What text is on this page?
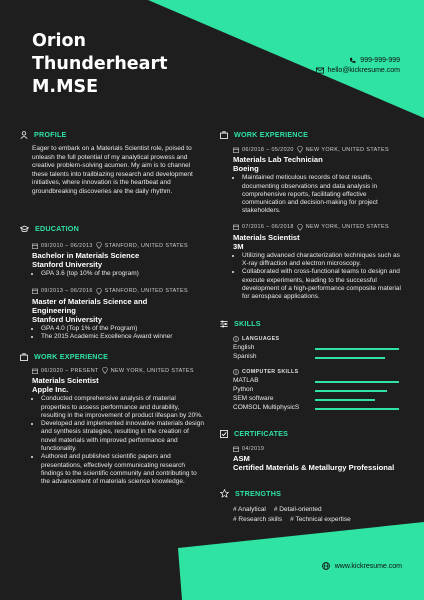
Orion
Thunderheart
M.MSE
999-999-999
hello@kickresume.com
PROFILE
Eager to embark on a Materials Scientist role, poised to unleash the full potential of my analytical prowess and creative problem-solving acumen. My aim is to channel these talents into trailblazing research and development initiatives, where innovation is the heartbeat and groundbreaking discoveries are the daily rhythm.
EDUCATION
09/2010 – 06/2013 STANFORD, UNITED STATES
Bachelor in Materials Science
Stanford University
• GPA 3.6 (top 10% of the program)
09/2013 – 06/2016 STANFORD, UNITED STATES
Master of Materials Science and
Engineering
Stanford University
• GPA 4.0 (Top 1% of the Program)
• The 2015 Academic Excellence Award winner
WORK EXPERIENCE
06/2020 – PRESENT NEW YORK, UNITED STATES
Materials Scientist
Apple Inc.
• Conducted comprehensive analysis of material properties to assess performance and durability, resulting in the improvement of product lifespan by 20%.
• Developed and implemented innovative materials design and synthesis strategies, resulting in the creation of novel materials with improved performance and functionality.
• Authored and published scientific papers and presentations, effectively communicating research findings to the scientific community and contributing to the advancement of materials science knowledge.
WORK EXPERIENCE
06/2018 – 05/2020 NEW YORK, UNITED STATES
Materials Lab Technician
Boeing
• Maintained meticulous records of test results, documenting observations and data analysis in comprehensive reports, facilitating effective communication and decision-making for project stakeholders.
07/2016 – 06/2018 NEW YORK, UNITED STATES
Materials Scientist
3M
• Utilizing advanced characterization techniques such as X-ray diffraction and electron microscopy.
• Collaborated with cross-functional teams to design and execute experiments, leading to the successful development of a high-performance composite material for aerospace applications.
SKILLS
LANGUAGES
English
Spanish
COMPUTER SKILLS
MATLAB
Python
SEM software
COMSOL MultiphysicS
CERTIFICATES
04/2019
ASM
Certified Materials & Metallurgy Professional
STRENGTHS
# Analytical # Detail-oriented
# Research skills # Technical expertise
www.kickresume.com
